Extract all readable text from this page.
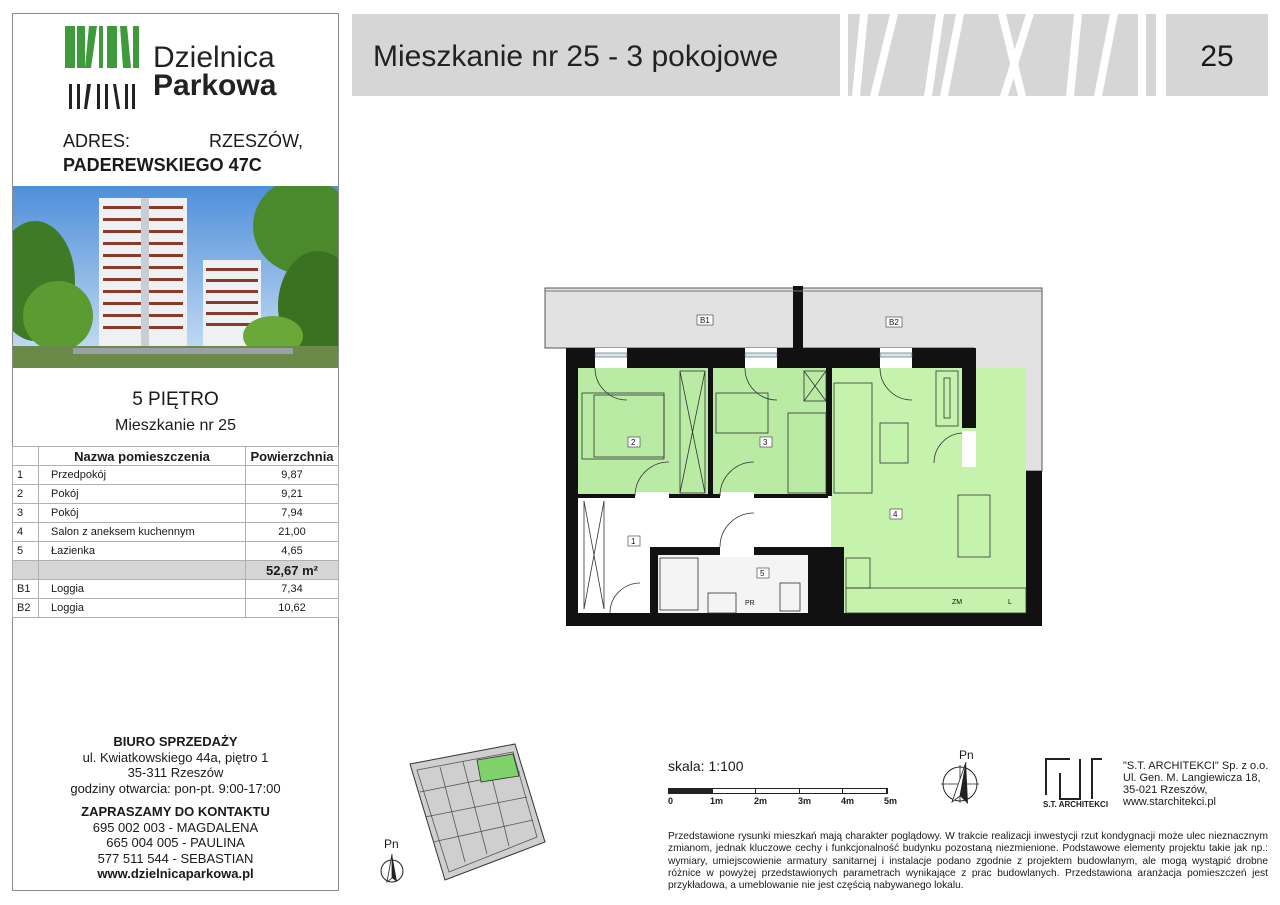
Dzielnica
Parkowa
ADRES:	RZESZÓW,
PADEREWSKIEGO 47C
5 PIĘTRO
Mieszkanie nr 25
	Nazwa pomieszczenia	Powierzchnia
1	Przedpokój	9,87
2	Pokój	9,21
3	Pokój	7,94
4	Salon z aneksem kuchennym	21,00
5	Łazienka	4,65
		52,67 m²
B1	Loggia	7,34
B2	Loggia	10,62
BIURO SPRZEDAŻY
ul. Kwiatkowskiego 44a, piętro 1
35-311 Rzeszów
godziny otwarcia: pon-pt. 9:00-17:00
ZAPRASZAMY DO KONTAKTU
695 002 003 - MAGDALENA
665 004 005 - PAULINA
577 511 544 - SEBASTIAN
www.dzielnicaparkowa.pl
Mieszkanie nr 25 - 3 pokojowe	25
B1	B2
2	3
4
1
5
PR	ZM	L
Pn
skala: 1:100
0	1m	2m	3m	4m	5m
Pn
S.T. ARCHITEKCI
"S.T. ARCHITEKCI" Sp. z o.o.
Ul. Gen. M. Langiewicza 18,
35-021 Rzeszów,
www.starchitekci.pl
Przedstawione rysunki mieszkań mają charakter poglądowy. W trakcie realizacji inwestycji rzut kondygnacji może ulec nieznacznym zmianom, jednak kluczowe cechy i funkcjonalność budynku pozostaną niezmienione. Podstawowe elementy projektu takie jak np.: wymiary, umiejscowienie armatury sanitarnej i instalacje podano zgodnie z projektem budowlanym, ale mogą wystąpić drobne różnice w powyżej przedstawionych parametrach wynikające z prac budowlanych. Przedstawiona aranżacja pomieszczeń jest przykładowa, a umeblowanie nie jest częścią nabywanego lokalu.
